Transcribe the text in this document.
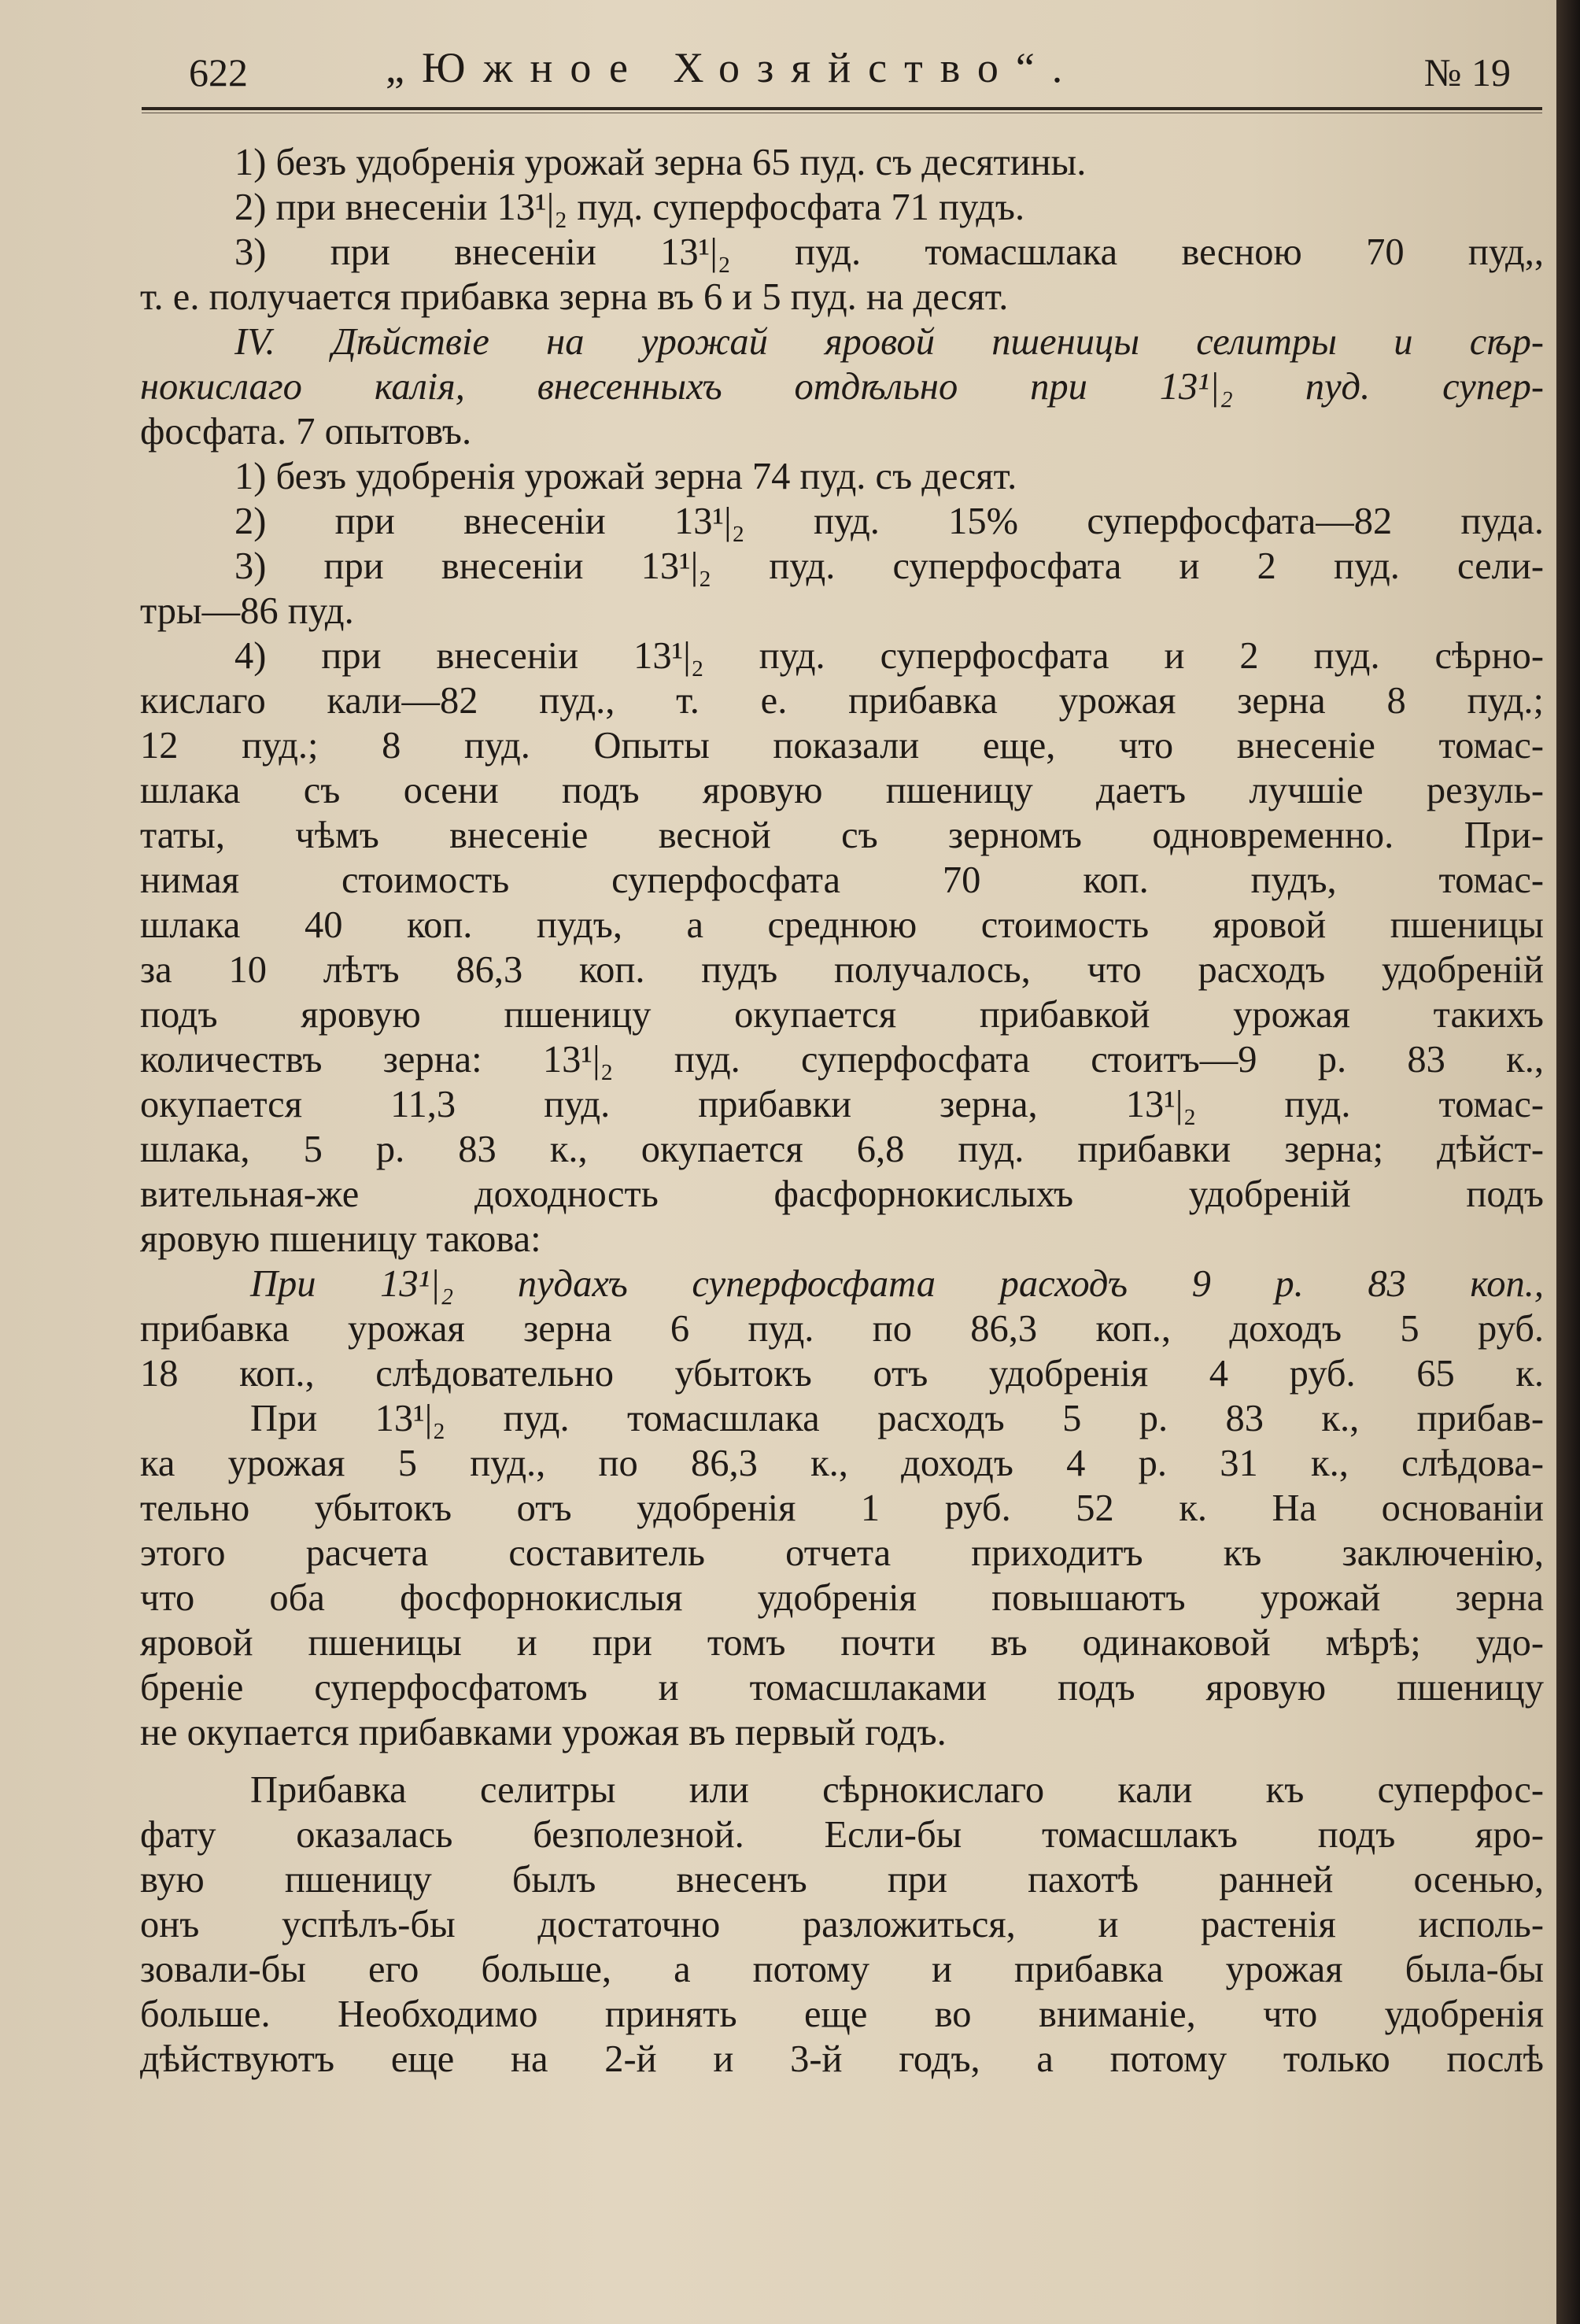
622	„Южное Хозяйство“.	№ 19
1) безъ удобренія урожай зерна 65 пуд. съ десятины.
2) при внесеніи 13¹|₂ пуд. суперфосфата 71 пудъ.
3) при внесеніи 13¹|₂ пуд. томасшлака весною 70 пуд,,
т. е. получается прибавка зерна въ 6 и 5 пуд. на десят.
IV. Дѣйствіе на урожай яровой пшеницы селитры и сѣр-
нокислаго калія, внесенныхъ отдѣльно при 13¹|₂ пуд. супер-
фосфата. 7 опытовъ.
1) безъ удобренія урожай зерна 74 пуд. съ десят.
2) при внесеніи 13¹|₂ пуд. 15% суперфосфата—82 пуда.
3) при внесеніи 13¹|₂ пуд. суперфосфата и 2 пуд. сели-
тры—86 пуд.
4) при внесеніи 13¹|₂ пуд. суперфосфата и 2 пуд. сѣрно-
кислаго кали—82 пуд., т. е. прибавка урожая зерна 8 пуд.;
12 пуд.; 8 пуд. Опыты показали еще, что внесеніе томас-
шлака съ осени подъ яровую пшеницу даетъ лучшіе резуль-
таты, чѣмъ внесеніе весной съ зерномъ одновременно. При-
нимая стоимость суперфосфата 70 коп. пудъ, томас-
шлака 40 коп. пудъ, а среднюю стоимость яровой пшеницы
за 10 лѣтъ 86,3 коп. пудъ получалось, что расходъ удобреній
подъ яровую пшеницу окупается прибавкой урожая такихъ
количествъ зерна: 13¹|₂ пуд. суперфосфата стоитъ—9 р. 83 к.,
окупается 11,3 пуд. прибавки зерна, 13¹|₂ пуд. томас-
шлака, 5 р. 83 к., окупается 6,8 пуд. прибавки зерна; дѣйст-
вительная-же доходность фасфорнокислыхъ удобреній подъ
яровую пшеницу такова:
При 13¹|₂ пудахъ суперфосфата расходъ 9 р. 83 коп.,
прибавка урожая зерна 6 пуд. по 86,3 коп., доходъ 5 руб.
18 коп., слѣдовательно убытокъ отъ удобренія 4 руб. 65 к.
При 13¹|₂ пуд. томасшлака расходъ 5 р. 83 к., прибав-
ка урожая 5 пуд., по 86,3 к., доходъ 4 р. 31 к., слѣдова-
тельно убытокъ отъ удобренія 1 руб. 52 к. На основаніи
этого расчета составитель отчета приходитъ къ заключенію,
что оба фосфорнокислыя удобренія повышаютъ урожай зерна
яровой пшеницы и при томъ почти въ одинаковой мѣрѣ; удо-
бреніе суперфосфатомъ и томасшлаками подъ яровую пшеницу
не окупается прибавками урожая въ первый годъ.
Прибавка селитры или сѣрнокислаго кали къ суперфос-
фату оказалась безполезной. Если-бы томасшлакъ подъ яро-
вую пшеницу былъ внесенъ при пахотѣ ранней осенью,
онъ успѣлъ-бы достаточно разложиться, и растенія исполь-
зовали-бы его больше, а потому и прибавка урожая была-бы
больше. Необходимо принять еще во вниманіе, что удобренія
дѣйствуютъ еще на 2-й и 3-й годъ, а потому только послѣ
